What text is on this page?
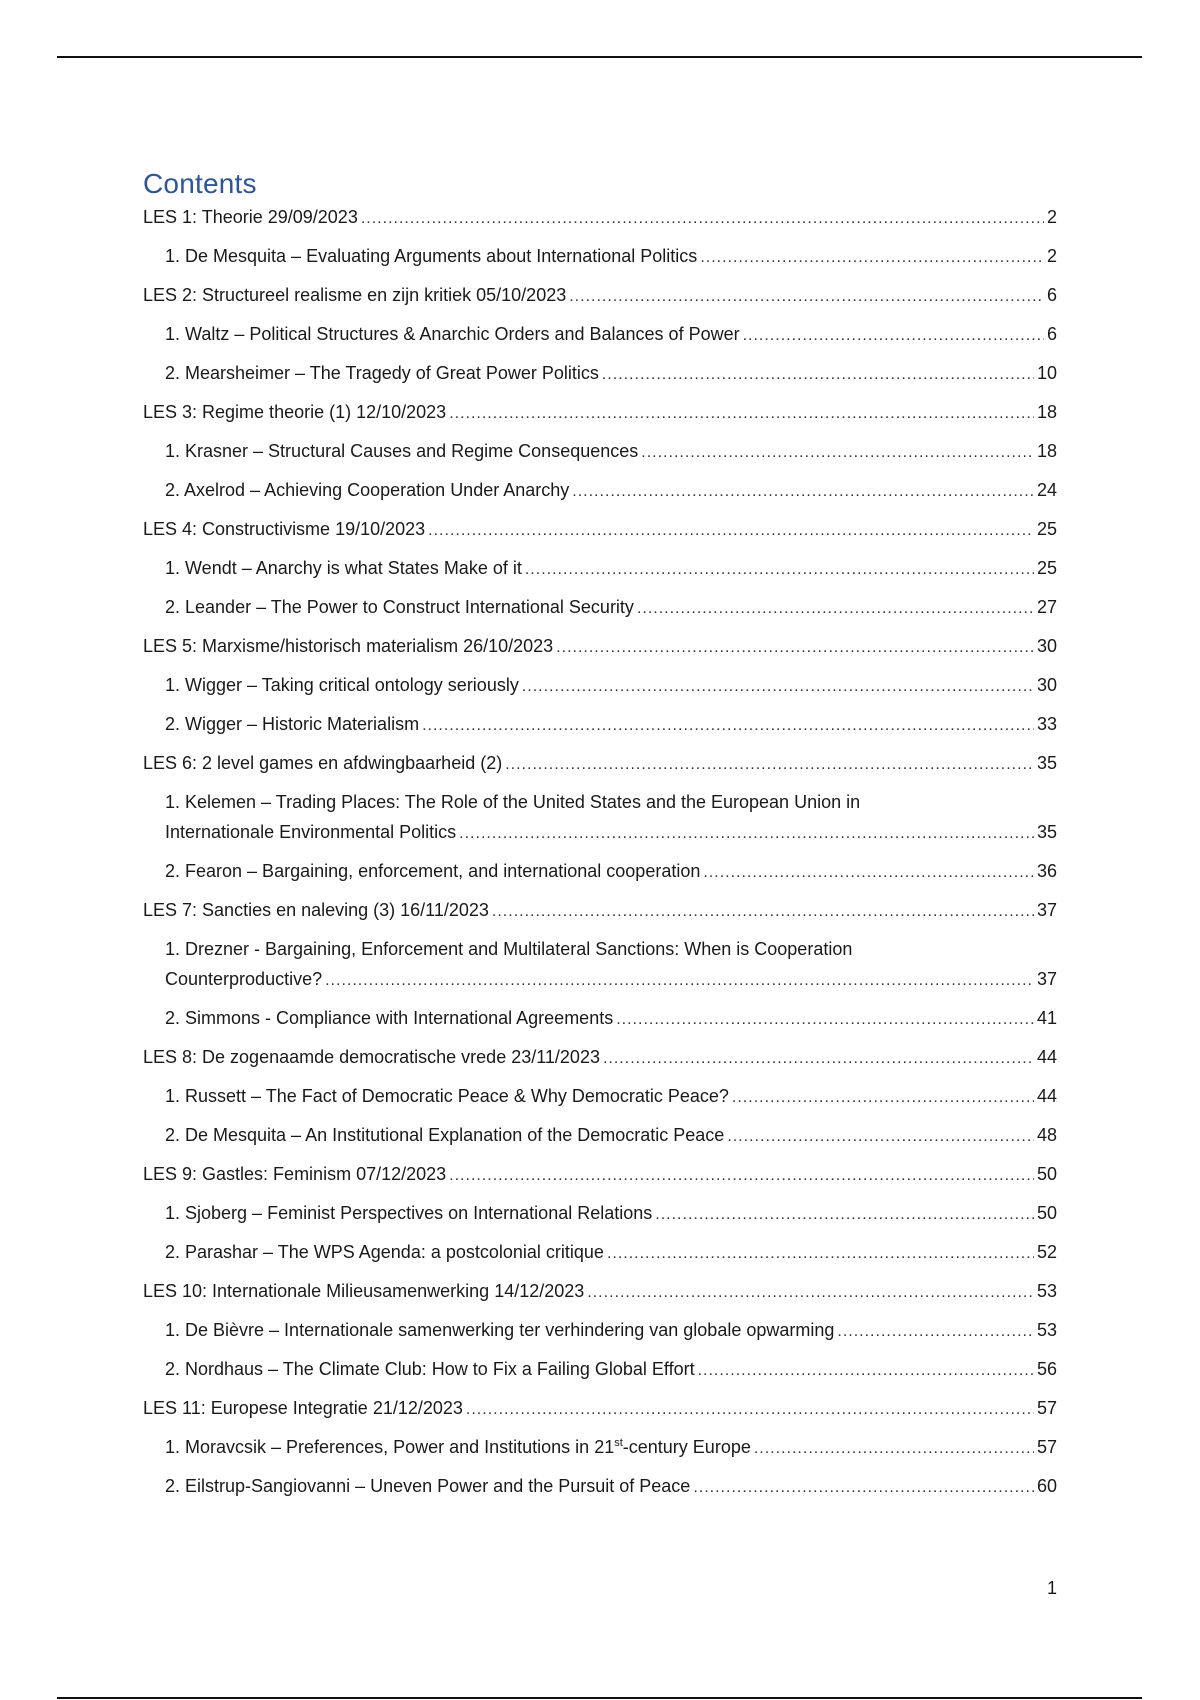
Contents
LES 1: Theorie 29/09/2023 .....	2
1. De Mesquita – Evaluating Arguments about International Politics .....	2
LES 2: Structureel realisme en zijn kritiek 05/10/2023 .....	6
1. Waltz – Political Structures & Anarchic Orders and Balances of Power .....	6
2. Mearsheimer – The Tragedy of Great Power Politics .....	10
LES 3: Regime theorie (1) 12/10/2023 .....	18
1. Krasner – Structural Causes and Regime Consequences .....	18
2. Axelrod – Achieving Cooperation Under Anarchy .....	24
LES 4: Constructivisme 19/10/2023 .....	25
1. Wendt – Anarchy is what States Make of it .....	25
2. Leander – The Power to Construct International Security .....	27
LES 5: Marxisme/historisch materialism 26/10/2023 .....	30
1. Wigger – Taking critical ontology seriously .....	30
2. Wigger – Historic Materialism .....	33
LES 6: 2 level games en afdwingbaarheid (2) .....	35
1. Kelemen – Trading Places: The Role of the United States and the European Union in
Internationale Environmental Politics .....	35
2. Fearon – Bargaining, enforcement, and international cooperation .....	36
LES 7: Sancties en naleving (3) 16/11/2023 .....	37
1. Drezner - Bargaining, Enforcement and Multilateral Sanctions: When is Cooperation
Counterproductive? .....	37
2. Simmons - Compliance with International Agreements .....	41
LES 8: De zogenaamde democratische vrede 23/11/2023 .....	44
1. Russett – The Fact of Democratic Peace & Why Democratic Peace? .....	44
2. De Mesquita – An Institutional Explanation of the Democratic Peace .....	48
LES 9: Gastles: Feminism 07/12/2023 .....	50
1. Sjoberg – Feminist Perspectives on International Relations .....	50
2. Parashar – The WPS Agenda: a postcolonial critique .....	52
LES 10: Internationale Milieusamenwerking 14/12/2023 .....	53
1. De Bièvre – Internationale samenwerking ter verhindering van globale opwarming .....	53
2. Nordhaus – The Climate Club: How to Fix a Failing Global Effort .....	56
LES 11: Europese Integratie 21/12/2023 .....	57
1. Moravcsik – Preferences, Power and Institutions in 21st-century Europe .....	57
2. Eilstrup-Sangiovanni – Uneven Power and the Pursuit of Peace .....	60
1
